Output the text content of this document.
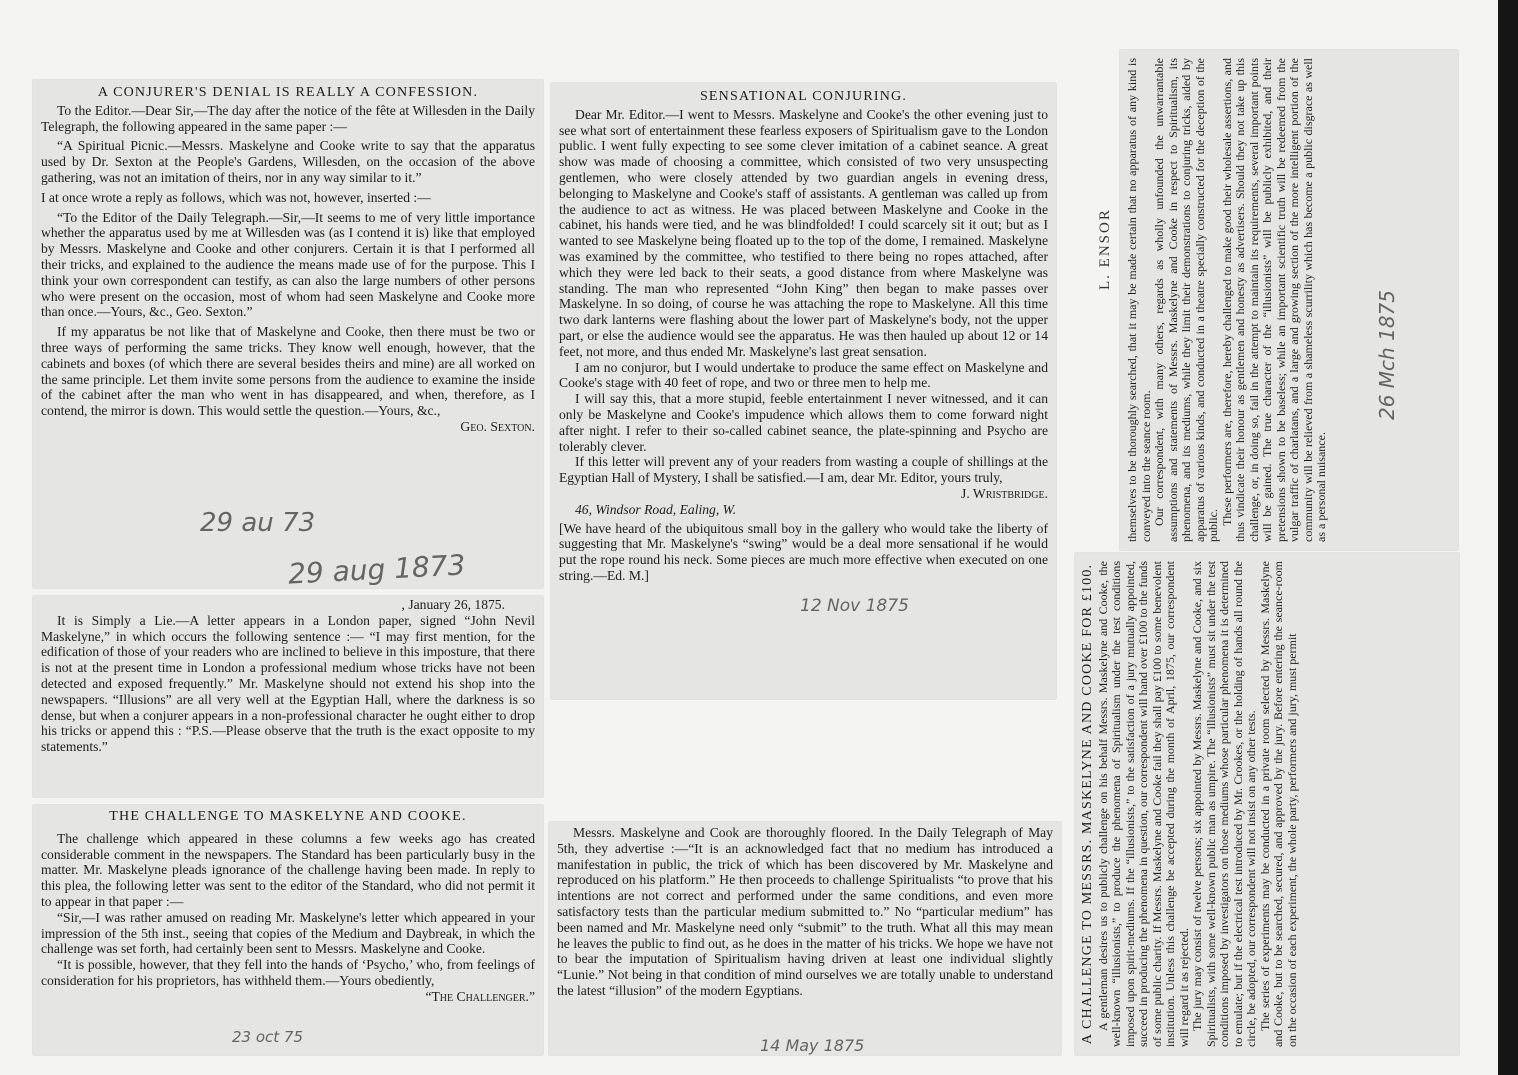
A CONJURER'S DENIAL IS REALLY A CONFESSION.

To the Editor.—Dear Sir,—The day after the notice of the fête at Willesden in the Daily Telegraph, the following appeared in the same paper :—

“A Spiritual Picnic.—Messrs. Maskelyne and Cooke write to say that the apparatus used by Dr. Sexton at the People's Gardens, Willesden, on the occasion of the above gathering, was not an imitation of theirs, nor in any way similar to it.”

I at once wrote a reply as follows, which was not, however, inserted :—

“To the Editor of the Daily Telegraph.—Sir,—It seems to me of very little importance whether the apparatus used by me at Willesden was (as I contend it is) like that employed by Messrs. Maskelyne and Cooke and other conjurers. Certain it is that I performed all their tricks, and explained to the audience the means made use of for the purpose. This I think your own correspondent can testify, as can also the large numbers of other persons who were present on the occasion, most of whom had seen Maskelyne and Cooke more than once.—Yours, &c., Geo. Sexton.”

If my apparatus be not like that of Maskelyne and Cooke, then there must be two or three ways of performing the same tricks. They know well enough, however, that the cabinets and boxes (of which there are several besides theirs and mine) are all worked on the same principle. Let them invite some persons from the audience to examine the inside of the cabinet after the man who went in has disappeared, and when, therefore, as I contend, the mirror is down. This would settle the question.—Yours, &c.,

Geo. Sexton.

29 au 73
29 aug 1873

, January 26, 1875.

It is Simply a Lie.—A letter appears in a London paper, signed “John Nevil Maskelyne,” in which occurs the following sentence :— “I may first mention, for the edification of those of your readers who are inclined to believe in this imposture, that there is not at the present time in London a professional medium whose tricks have not been detected and exposed frequently.” Mr. Maskelyne should not extend his shop into the newspapers. “Illusions” are all very well at the Egyptian Hall, where the darkness is so dense, but when a conjurer appears in a non-professional character he ought either to drop his tricks or append this : “P.S.—Please observe that the truth is the exact opposite to my statements.”

THE CHALLENGE TO MASKELYNE AND COOKE.

The challenge which appeared in these columns a few weeks ago has created considerable comment in the newspapers. The Standard has been particularly busy in the matter. Mr. Maskelyne pleads ignorance of the challenge having been made. In reply to this plea, the following letter was sent to the editor of the Standard, who did not permit it to appear in that paper :—

“Sir,—I was rather amused on reading Mr. Maskelyne's letter which appeared in your impression of the 5th inst., seeing that copies of the Medium and Daybreak, in which the challenge was set forth, had certainly been sent to Messrs. Maskelyne and Cooke.

“It is possible, however, that they fell into the hands of ‘Psycho,’ who, from feelings of consideration for his proprietors, has withheld them.—Yours obediently,

“The Challenger.”

23 oct 75

SENSATIONAL CONJURING.

Dear Mr. Editor.—I went to Messrs. Maskelyne and Cooke's the other evening just to see what sort of entertainment these fearless exposers of Spiritualism gave to the London public. I went fully expecting to see some clever imitation of a cabinet seance. A great show was made of choosing a committee, which consisted of two very unsuspecting gentlemen, who were closely attended by two guardian angels in evening dress, belonging to Maskelyne and Cooke's staff of assistants. A gentleman was called up from the audience to act as witness. He was placed between Maskelyne and Cooke in the cabinet, his hands were tied, and he was blindfolded! I could scarcely sit it out; but as I wanted to see Maskelyne being floated up to the top of the dome, I remained. Maskelyne was examined by the committee, who testified to there being no ropes attached, after which they were led back to their seats, a good distance from where Maskelyne was standing. The man who represented “John King” then began to make passes over Maskelyne. In so doing, of course he was attaching the rope to Maskelyne. All this time two dark lanterns were flashing about the lower part of Maskelyne's body, not the upper part, or else the audience would see the apparatus. He was then hauled up about 12 or 14 feet, not more, and thus ended Mr. Maskelyne's last great sensation.

I am no conjuror, but I would undertake to produce the same effect on Maskelyne and Cooke's stage with 40 feet of rope, and two or three men to help me.

I will say this, that a more stupid, feeble entertainment I never witnessed, and it can only be Maskelyne and Cooke's impudence which allows them to come forward night after night. I refer to their so-called cabinet seance, the plate-spinning and Psycho are tolerably clever.

If this letter will prevent any of your readers from wasting a couple of shillings at the Egyptian Hall of Mystery, I shall be satisfied.—I am, dear Mr. Editor, yours truly,

J. Wristbridge.

46, Windsor Road, Ealing, W.

[We have heard of the ubiquitous small boy in the gallery who would take the liberty of suggesting that Mr. Maskelyne's “swing” would be a deal more sensational if he would put the rope round his neck. Some pieces are much more effective when executed on one string.—Ed. M.]

12 Nov 1875

Messrs. Maskelyne and Cook are thoroughly floored. In the Daily Telegraph of May 5th, they advertise :—“It is an acknowledged fact that no medium has introduced a manifestation in public, the trick of which has been discovered by Mr. Maskelyne and reproduced on his platform.” He then proceeds to challenge Spiritualists “to prove that his intentions are not correct and performed under the same conditions, and even more satisfactory tests than the particular medium submitted to.” No “particular medium” has been named and Mr. Maskelyne need only “submit” to the truth. What all this may mean he leaves the public to find out, as he does in the matter of his tricks. We hope we have not to bear the imputation of Spiritualism having driven at least one individual slightly “Lunie.” Not being in that condition of mind ourselves we are totally unable to understand the latest “illusion” of the modern Egyptians.

14 May 1875

A CHALLENGE TO MESSRS. MASKELYNE AND COOKE FOR £100. A gentleman desires us to publicly challenge on his behalf Messrs. Maskelyne and Cooke, the well-known “illusionists,” to produce the phenomena of Spiritualism under the test conditions imposed upon spirit-mediums. If the “illusionists,” to the satisfaction of a jury mutually appointed, succeed in producing the phenomena in question, our correspondent will hand over £100 to the funds of some public charity. If Messrs. Maskelyne and Cooke fail they shall pay £100 to some benevolent institution. Unless this challenge be accepted during the month of April, 1875, our correspondent will regard it as rejected. The jury may consist of twelve persons; six appointed by Messrs. Maskelyne and Cooke, and six Spiritualists, with some well-known public man as umpire. The “illusionists” must sit under the test conditions imposed by investigators on those mediums whose particular phenomena it is determined to emulate; but if the electrical test introduced by Mr. Crookes, or the holding of hands all round the circle, be adopted, our correspondent will not insist on any other tests. The series of experiments may be conducted in a private room selected by Messrs. Maskelyne and Cooke, but to be searched, secured, and approved by the jury. Before entering the seance-room on the occasion of each experiment, the whole party, performers and jury, must permit

themselves to be thoroughly searched, that it may be made certain that no apparatus of any kind is conveyed into the seance room. Our correspondent, with many others, regards as wholly unfounded the unwarrantable assumptions and statements of Messrs. Maskelyne and Cooke in respect to Spiritualism, its phenomena, and its mediums, while they limit their demonstrations to conjuring tricks, aided by apparatus of various kinds, and conducted in a theatre specially constructed for the deception of the public. These performers are, therefore, hereby challenged to make good their wholesale assertions, and thus vindicate their honour as gentlemen and honesty as advertisers. Should they not take up this challenge, or, in doing so, fail in the attempt to maintain its requirements, several important points will be gained. The true character of the “illusionists” will be publicly exhibited, and their pretensions shown to be baseless; while an important scientific truth will be redeemed from the vulgar traffic of charlatans, and a large and growing section of the more intelligent portion of the community will be relieved from a shameless scurrility which has become a public disgrace as well as a personal nuisance.

26 Mch 1875
L. ENSOR
